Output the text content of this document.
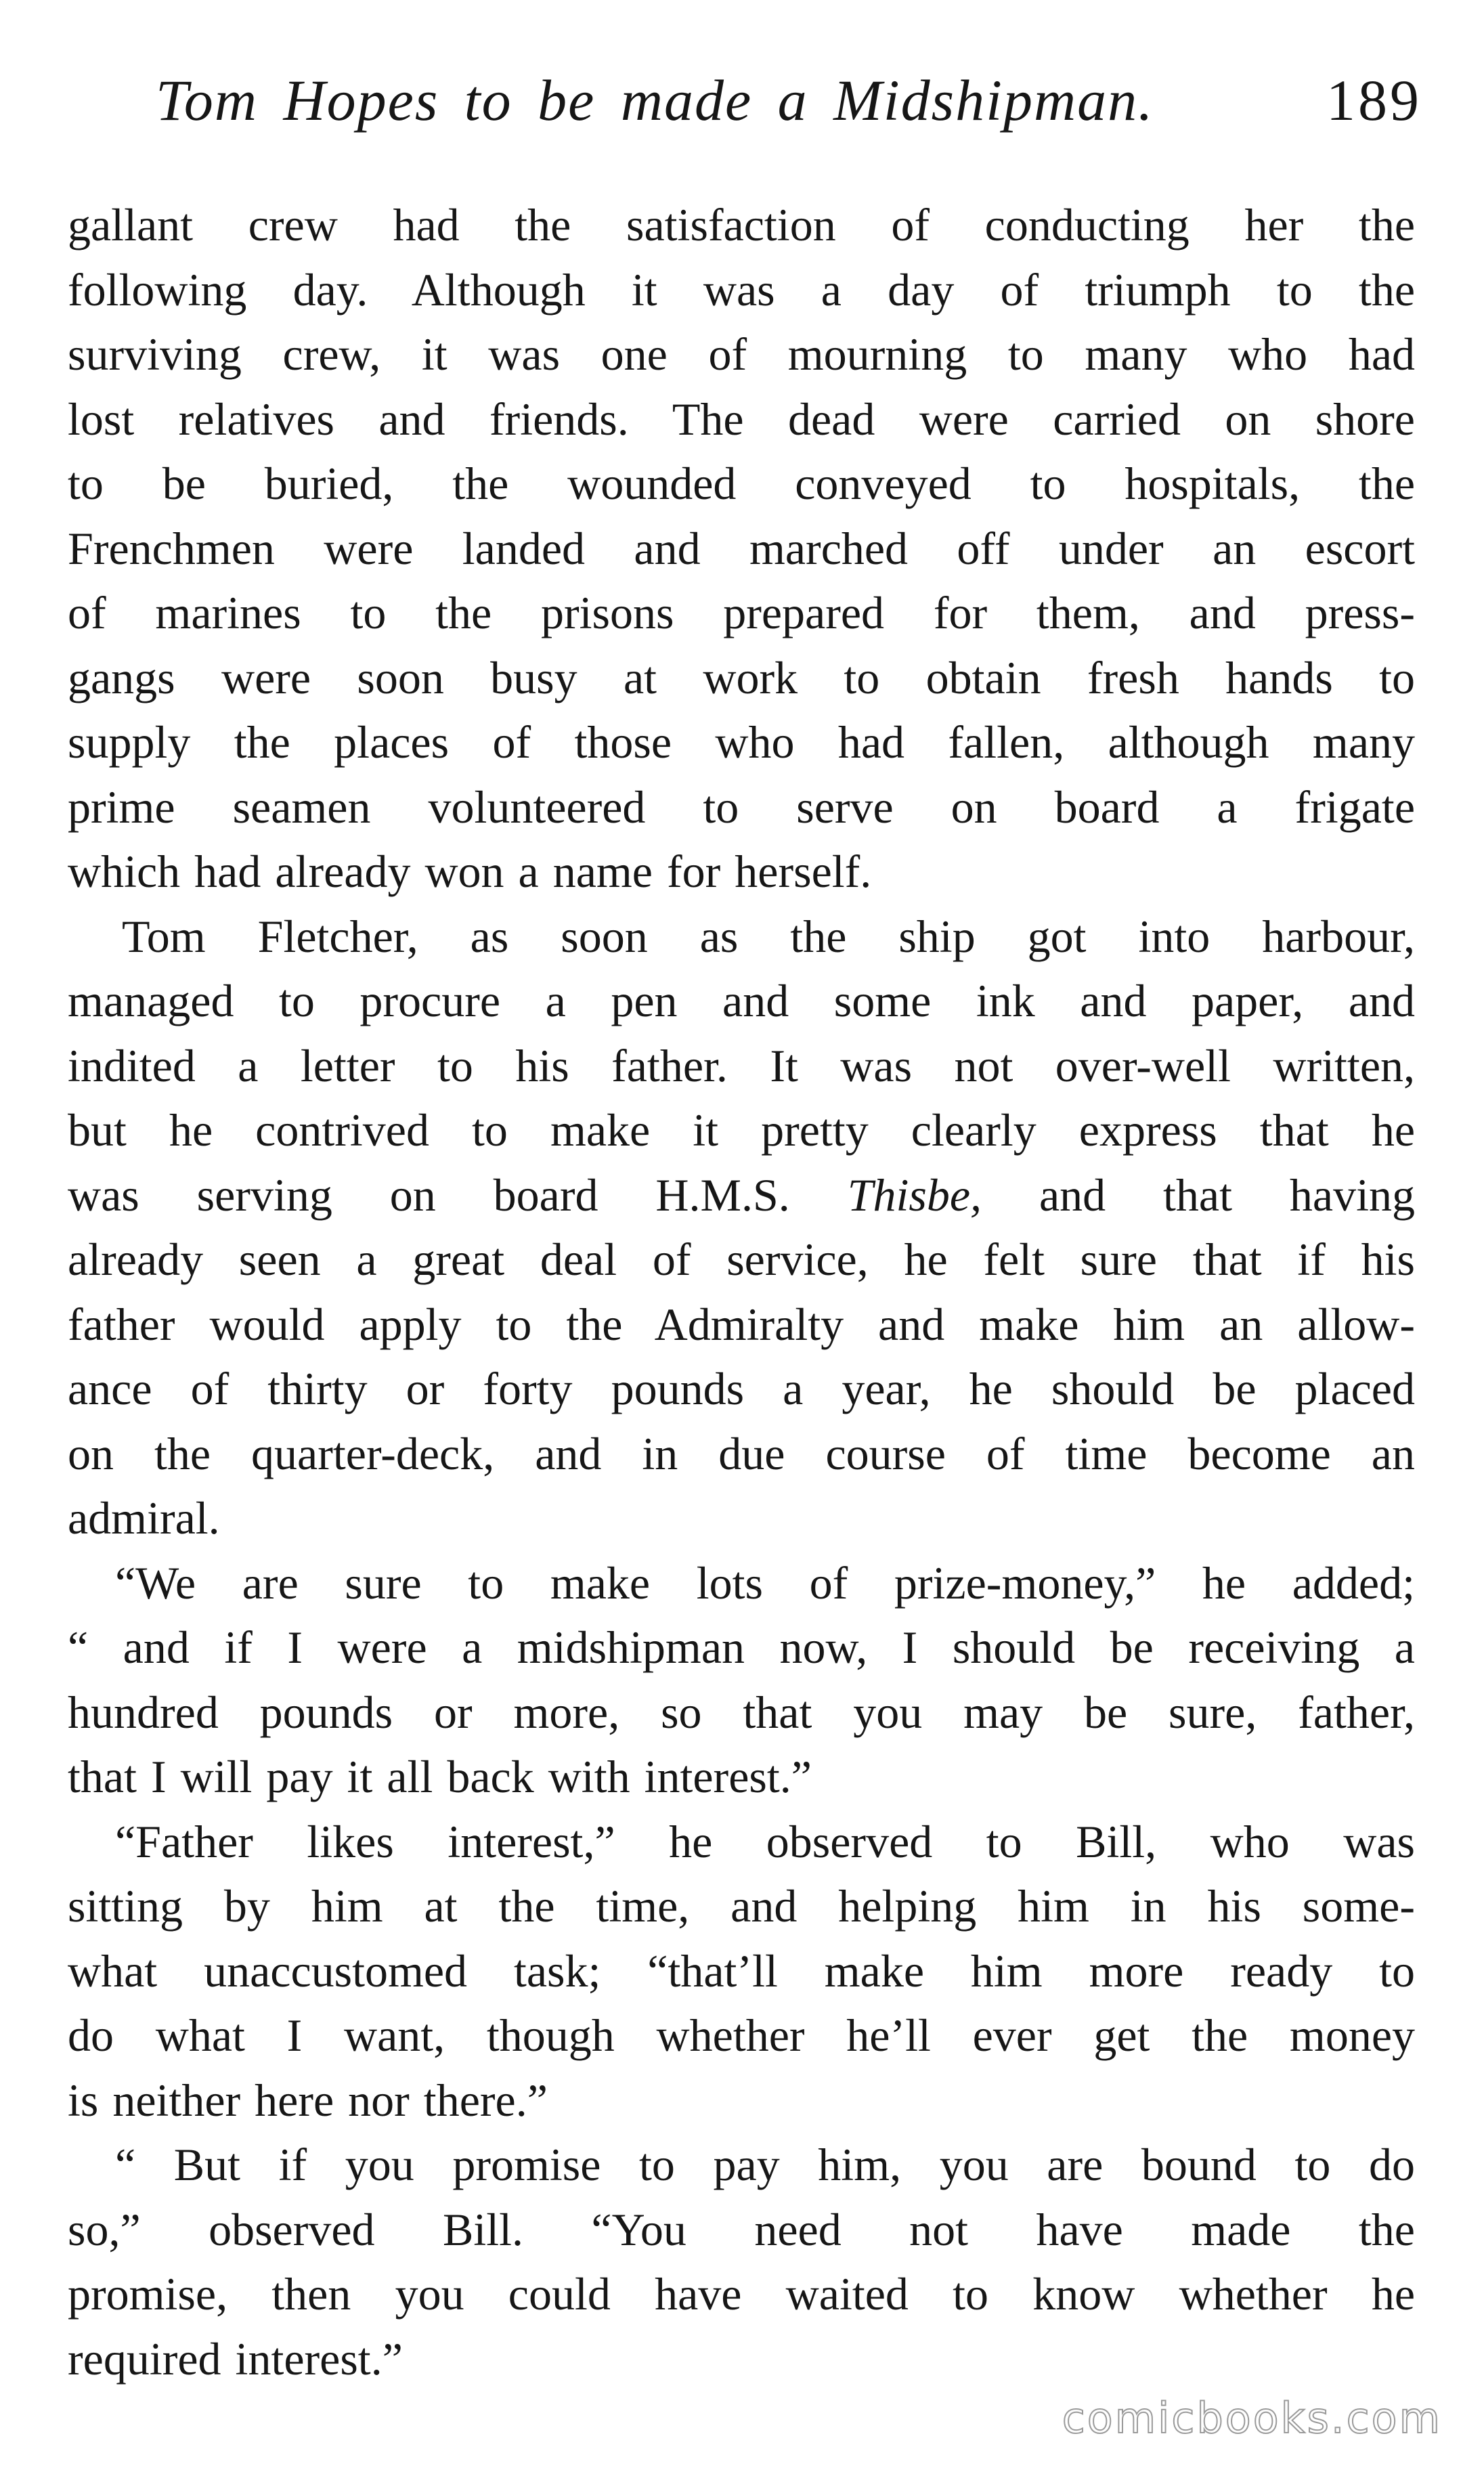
Tom Hopes to be made a Midshipman.	189
gallant crew had the satisfaction of conducting her the
following day. Although it was a day of triumph to the
surviving crew, it was one of mourning to many who had
lost relatives and friends. The dead were carried on shore
to be buried, the wounded conveyed to hospitals, the
Frenchmen were landed and marched off under an escort
of marines to the prisons prepared for them, and press-
gangs were soon busy at work to obtain fresh hands to
supply the places of those who had fallen, although many
prime seamen volunteered to serve on board a frigate
which had already won a name for herself.
Tom Fletcher, as soon as the ship got into harbour,
managed to procure a pen and some ink and paper, and
indited a letter to his father. It was not over-well written,
but he contrived to make it pretty clearly express that he
was serving on board H.M.S. Thisbe, and that having
already seen a great deal of service, he felt sure that if his
father would apply to the Admiralty and make him an allow-
ance of thirty or forty pounds a year, he should be placed
on the quarter-deck, and in due course of time become an
admiral.
“We are sure to make lots of prize-money,” he added;
“ and if I were a midshipman now, I should be receiving a
hundred pounds or more, so that you may be sure, father,
that I will pay it all back with interest.”
“Father likes interest,” he observed to Bill, who was
sitting by him at the time, and helping him in his some-
what unaccustomed task; “that’ll make him more ready to
do what I want, though whether he’ll ever get the money
is neither here nor there.”
“ But if you promise to pay him, you are bound to do
so,” observed Bill. “You need not have made the
promise, then you could have waited to know whether he
required interest.”
comicbooks.com
